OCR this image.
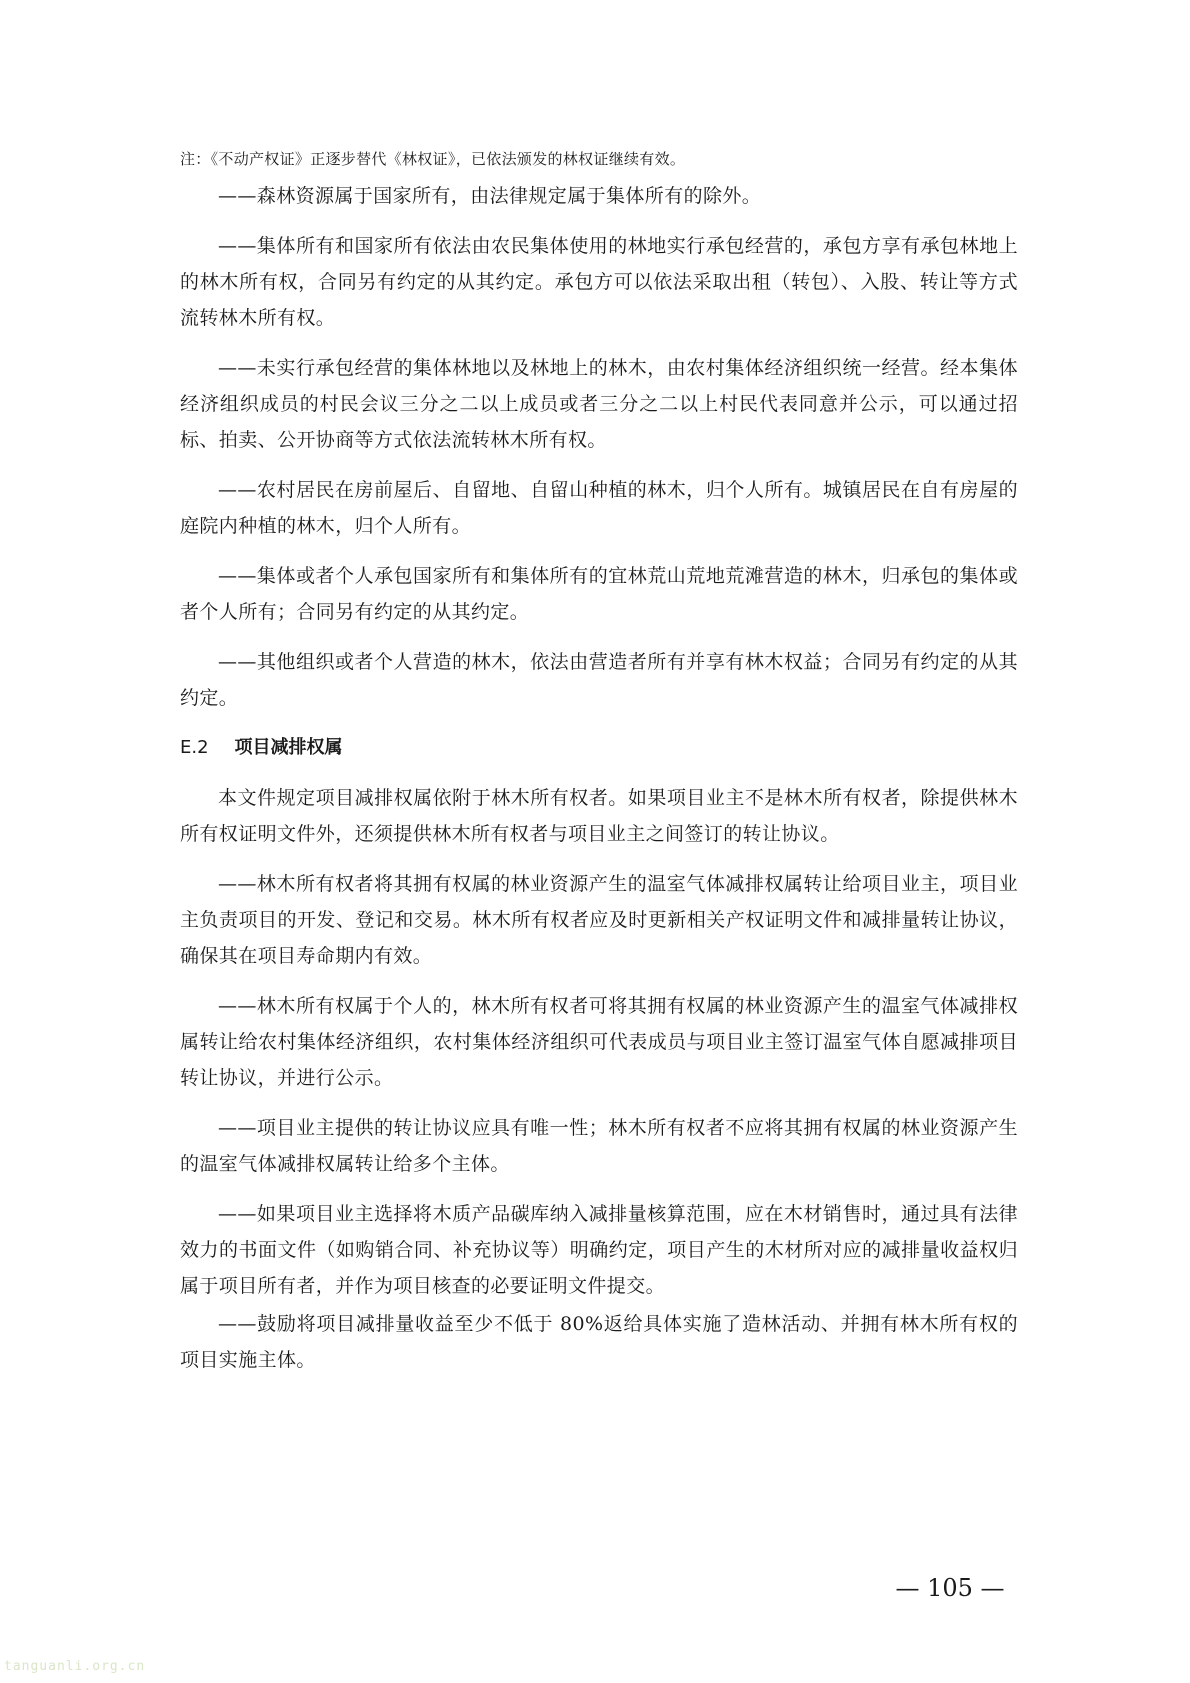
注：《不动产权证》正逐步替代《林权证》，已依法颁发的林权证继续有效。

——森林资源属于国家所有，由法律规定属于集体所有的除外。

——集体所有和国家所有依法由农民集体使用的林地实行承包经营的，承包方享有承包林地上的林木所有权，合同另有约定的从其约定。承包方可以依法采取出租（转包）、入股、转让等方式流转林木所有权。

——未实行承包经营的集体林地以及林地上的林木，由农村集体经济组织统一经营。经本集体经济组织成员的村民会议三分之二以上成员或者三分之二以上村民代表同意并公示，可以通过招标、拍卖、公开协商等方式依法流转林木所有权。

——农村居民在房前屋后、自留地、自留山种植的林木，归个人所有。城镇居民在自有房屋的庭院内种植的林木，归个人所有。

——集体或者个人承包国家所有和集体所有的宜林荒山荒地荒滩营造的林木，归承包的集体或者个人所有；合同另有约定的从其约定。

——其他组织或者个人营造的林木，依法由营造者所有并享有林木权益；合同另有约定的从其约定。

E.2 项目减排权属

本文件规定项目减排权属依附于林木所有权者。如果项目业主不是林木所有权者，除提供林木所有权证明文件外，还须提供林木所有权者与项目业主之间签订的转让协议。

——林木所有权者将其拥有权属的林业资源产生的温室气体减排权属转让给项目业主，项目业主负责项目的开发、登记和交易。林木所有权者应及时更新相关产权证明文件和减排量转让协议，确保其在项目寿命期内有效。

——林木所有权属于个人的，林木所有权者可将其拥有权属的林业资源产生的温室气体减排权属转让给农村集体经济组织，农村集体经济组织可代表成员与项目业主签订温室气体自愿减排项目转让协议，并进行公示。

——项目业主提供的转让协议应具有唯一性；林木所有权者不应将其拥有权属的林业资源产生的温室气体减排权属转让给多个主体。

——如果项目业主选择将木质产品碳库纳入减排量核算范围，应在木材销售时，通过具有法律效力的书面文件（如购销合同、补充协议等）明确约定，项目产生的木材所对应的减排量收益权归属于项目所有者，并作为项目核查的必要证明文件提交。

——鼓励将项目减排量收益至少不低于 80%返给具体实施了造林活动、并拥有林木所有权的项目实施主体。

— 105 —
tanguanli.org.cn
